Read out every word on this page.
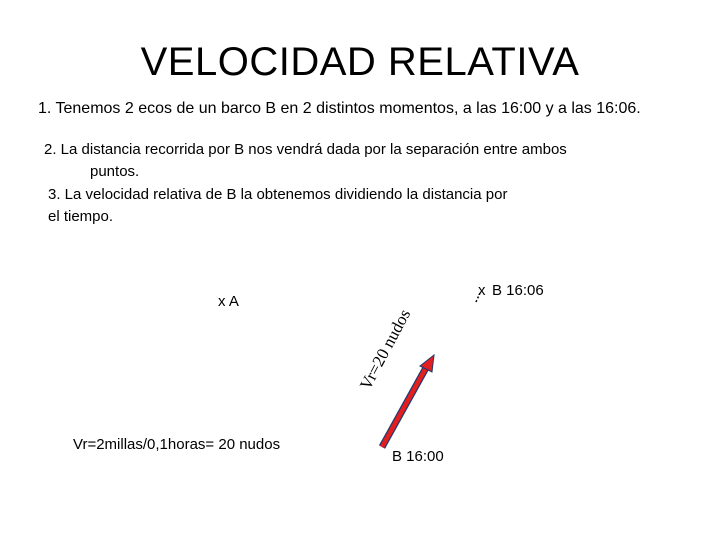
VELOCIDAD RELATIVA
1. Tenemos 2 ecos de un barco B en 2 distintos momentos, a las 16:00 y a las 16:06.
2. La distancia recorrida por B nos vendrá dada por la separación entre ambos
puntos.
3. La velocidad relativa de B la obtenemos dividiendo la distancia por
el tiempo.
x A
x B 16:06
B 16:00
Vr=20 nudos
Vr=2millas/0,1horas= 20 nudos
